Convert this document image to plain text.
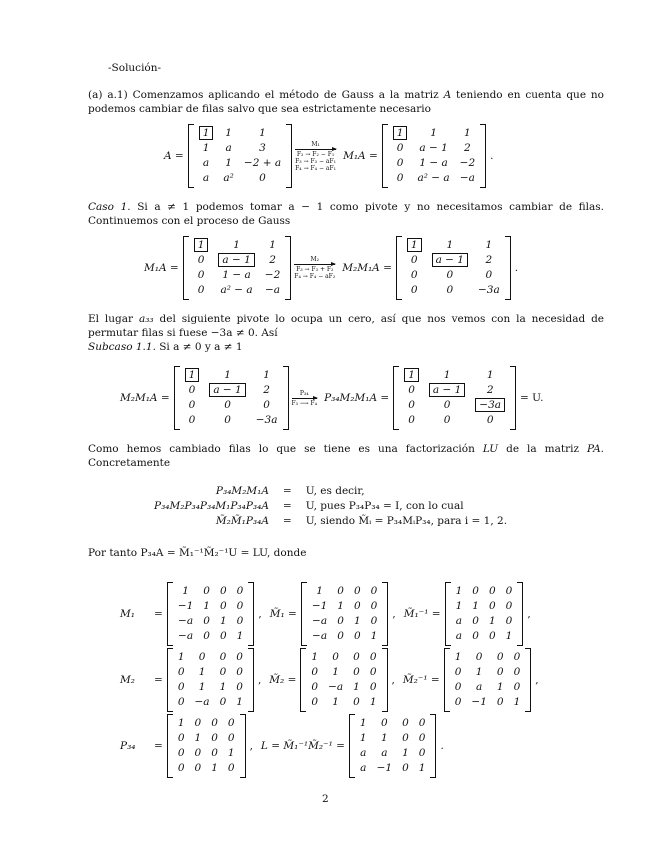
-Solución-
(a) a.1) Comenzamos aplicando el método de Gauss a la matriz A teniendo en cuenta que no podemos cambiar de filas salvo que sea estrictamente necesario
A =
1	1	1
1	a	3
a	1	−2 + a
a	a²	0
M₁
F₂ → F₂ − F₁
F₃ → F₃ − aF₁
F₄ → F₄ − aF₁
M₁A =
1	1	1
0	a − 1	2
0	1 − a	−2
0	a² − a	−a
.
Caso 1. Si a ≠ 1 podemos tomar a − 1 como pivote y no necesitamos cambiar de filas. Continuemos con el proceso de Gauss
M₁A =
1	1	1
0	a − 1	2
0	1 − a	−2
0	a² − a	−a
M₂
F₃ → F₃ + F₂
F₄ → F₄ − aF₂
M₂M₁A =
1	1	1
0	a − 1	2
0	0	0
0	0	−3a
.
El lugar a₃₃ del siguiente pivote lo ocupa un cero, así que nos vemos con la necesidad de permutar filas si fuese −3a ≠ 0. Así
Subcaso 1.1. Si a ≠ 0 y a ≠ 1
M₂M₁A =
1	1	1
0	a − 1	2
0	0	0
0	0	−3a
$\frac{\text{P₃₄}}{\text{F₃ ⟶ F₄}} P_{34}M_2M_1A$ =
1	1	1
0	a − 1	2
0	0	−3a
0	0	0
= U.
Como hemos cambiado filas lo que se tiene es una factorización LU de la matriz PA. Concretamente
P₃₄M₂M₁A	=	U, es decir,
P₃₄M₂P₃₄P₃₄M₁P₃₄P₃₄A	=	U, pues P₃₄P₃₄ = I, con lo cual
M̃₂M̃₁P₃₄A	=	U, siendo M̃ᵢ = P₃₄MᵢP₃₄, para i = 1, 2.
Por tanto P₃₄A = M̃₁⁻¹M̃₂⁻¹U = LU, donde
M₁ =
1	0	0	0
−1	1	0	0
−a	0	1	0
−a	0	0	1
, M̃₁ =
1	0	0	0
−1	1	0	0
−a	0	1	0
−a	0	0	1
, M̃₁⁻¹ =
1	0	0	0
1	1	0	0
a	0	1	0
a	0	0	1
,
M₂ =
1	0	0	0
0	1	0	0
0	1	1	0
0	−a	0	1
, M̃₂ =
1	0	0	0
0	1	0	0
0	−a	1	0
0	1	0	1
, M̃₂⁻¹ =
1	0	0	0
0	1	0	0
0	a	1	0
0	−1	0	1
,
P₃₄ =
1	0	0	0
0	1	0	0
0	0	0	1
0	0	1	0
, L = M̃₁⁻¹M̃₂⁻¹ =
1	0	0	0
1	1	0	0
a	a	1	0
a	−1	0	1
.
2
